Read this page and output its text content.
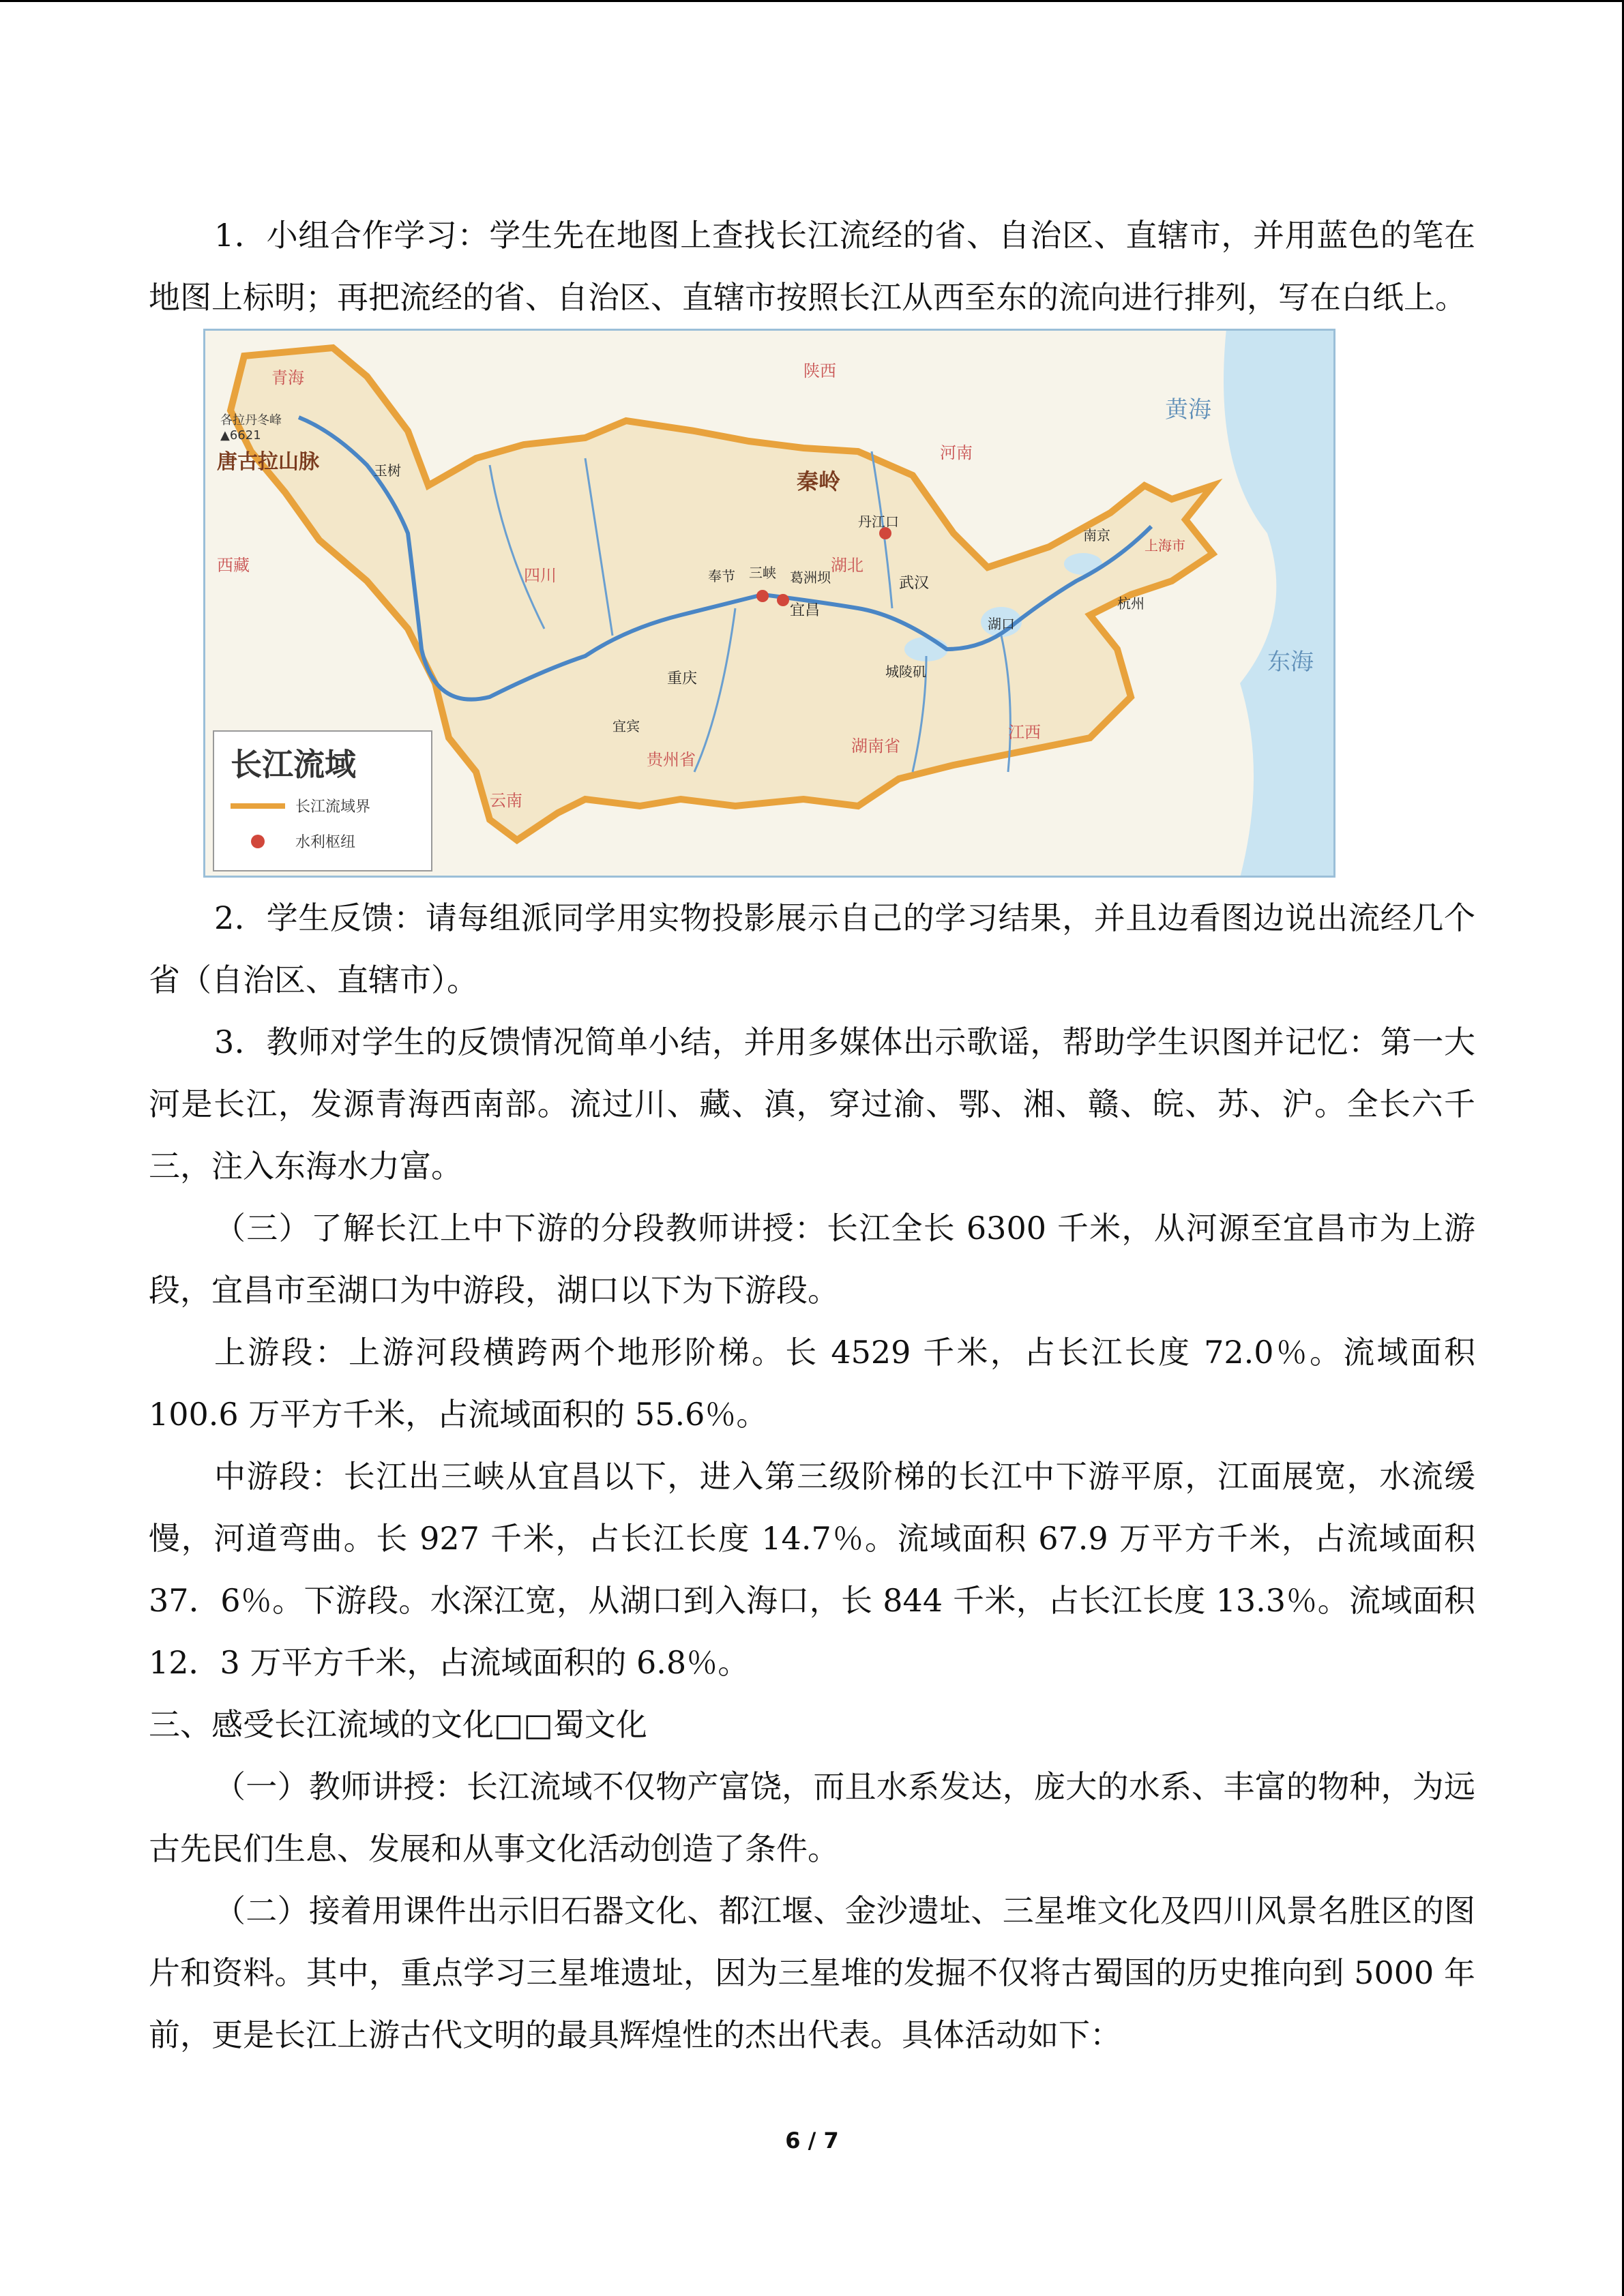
1．小组合作学习：学生先在地图上查找长江流经的省、自治区、直辖市，并用蓝色的笔在地图上标明；再把流经的省、自治区、直辖市按照长江从西至东的流向进行排列，写在白纸上。

唐古拉山脉
各拉丹冬峰
▲6621
秦岭
黄海
东海
玉树
重庆
宜宾
奉节 三峡 葛洲坝
宜昌
丹江口
武汉
城陵矶
湖口
南京
上海市
杭州
青海
西藏
四川
贵州省
湖南省
湖北
江西
陕西
河南
云南
长江流域
长江流域界
水利枢纽

2．学生反馈：请每组派同学用实物投影展示自己的学习结果，并且边看图边说出流经几个省（自治区、直辖市）。

3．教师对学生的反馈情况简单小结，并用多媒体出示歌谣，帮助学生识图并记忆：第一大河是长江，发源青海西南部。流过川、藏、滇，穿过渝、鄂、湘、赣、皖、苏、沪。全长六千三，注入东海水力富。

（三）了解长江上中下游的分段教师讲授：长江全长 6300 千米，从河源至宜昌市为上游段，宜昌市至湖口为中游段，湖口以下为下游段。

上游段：上游河段横跨两个地形阶梯。长 4529 千米，占长江长度 72.0％。流域面积 100.6 万平方千米，占流域面积的 55.6％。

中游段：长江出三峡从宜昌以下，进入第三级阶梯的长江中下游平原，江面展宽，水流缓慢，河道弯曲。长 927 千米，占长江长度 14.7％。流域面积 67.9 万平方千米，占流域面积 37．6％。下游段。水深江宽，从湖口到入海口，长 844 千米，占长江长度 13.3％。流域面积 12．3 万平方千米，占流域面积的 6.8％。

三、感受长江流域的文化□□蜀文化

（一）教师讲授：长江流域不仅物产富饶，而且水系发达，庞大的水系、丰富的物种，为远古先民们生息、发展和从事文化活动创造了条件。

（二）接着用课件出示旧石器文化、都江堰、金沙遗址、三星堆文化及四川风景名胜区的图片和资料。其中，重点学习三星堆遗址，因为三星堆的发掘不仅将古蜀国的历史推向到 5000 年前，更是长江上游古代文明的最具辉煌性的杰出代表。具体活动如下：

6 / 7
